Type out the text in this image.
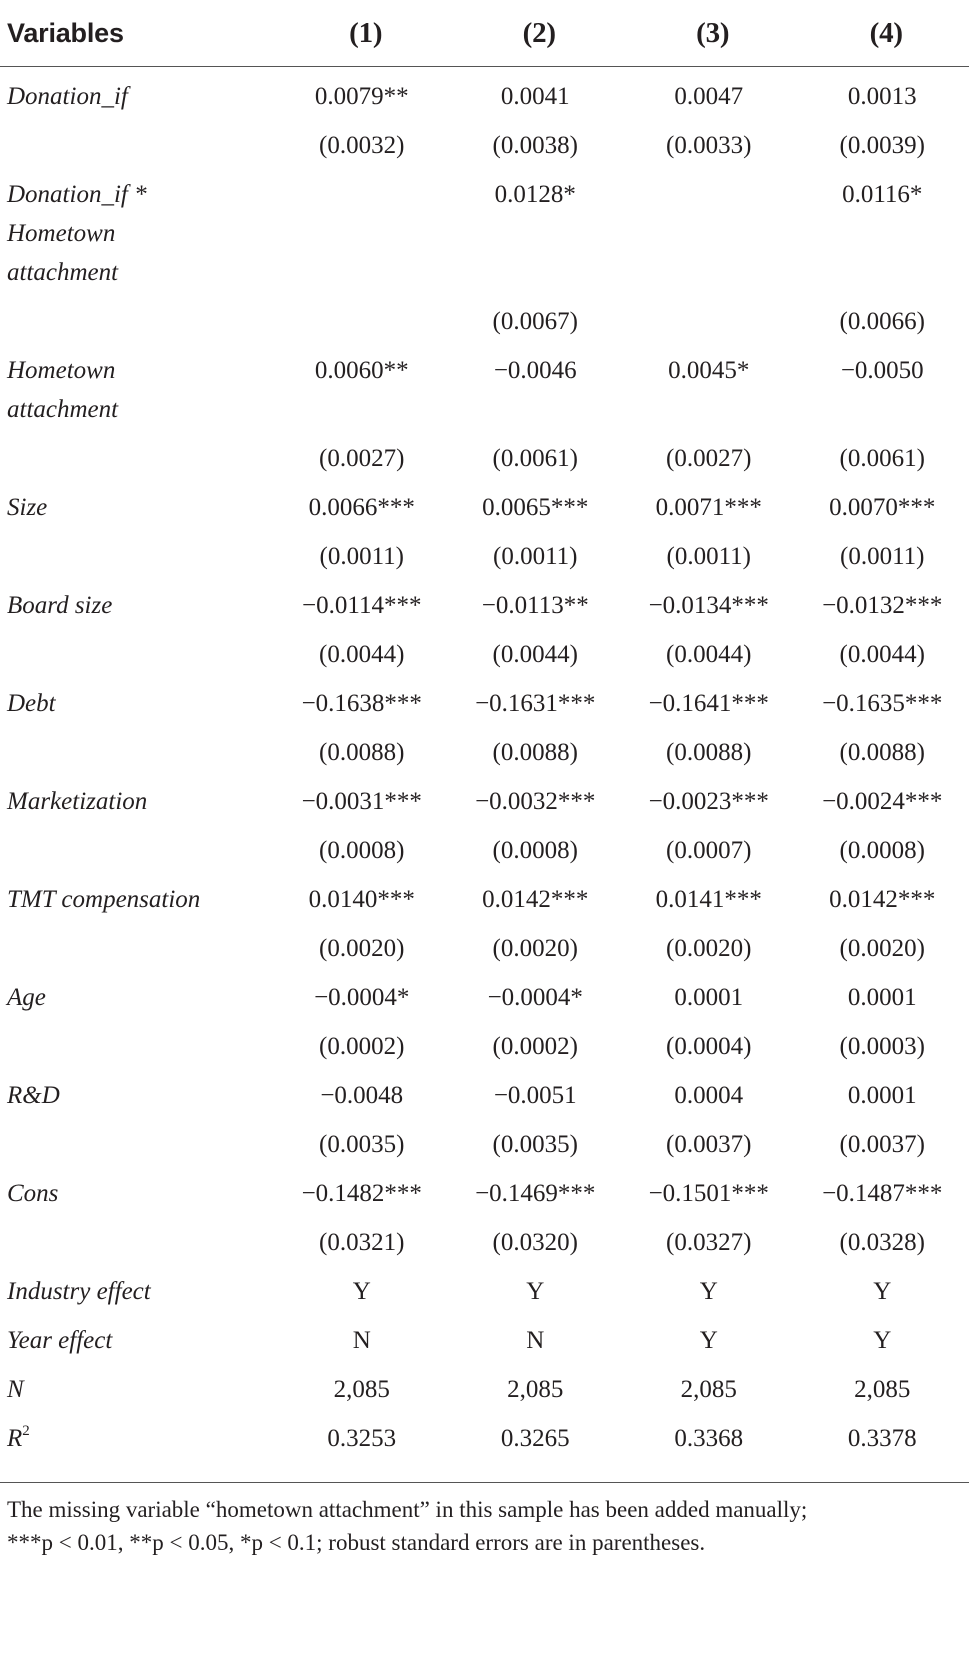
Variables	(1)	(2)	(3)	(4)
Donation_if	0.0079**	0.0041	0.0047	0.0013
	(0.0032)	(0.0038)	(0.0033)	(0.0039)
Donation_if * Hometown attachment		0.0128*		0.0116*
		(0.0067)		(0.0066)
Hometown attachment	0.0060**	−0.0046	0.0045*	−0.0050
	(0.0027)	(0.0061)	(0.0027)	(0.0061)
Size	0.0066***	0.0065***	0.0071***	0.0070***
	(0.0011)	(0.0011)	(0.0011)	(0.0011)
Board size	−0.0114***	−0.0113**	−0.0134***	−0.0132***
	(0.0044)	(0.0044)	(0.0044)	(0.0044)
Debt	−0.1638***	−0.1631***	−0.1641***	−0.1635***
	(0.0088)	(0.0088)	(0.0088)	(0.0088)
Marketization	−0.0031***	−0.0032***	−0.0023***	−0.0024***
	(0.0008)	(0.0008)	(0.0007)	(0.0008)
TMT compensation	0.0140***	0.0142***	0.0141***	0.0142***
	(0.0020)	(0.0020)	(0.0020)	(0.0020)
Age	−0.0004*	−0.0004*	0.0001	0.0001
	(0.0002)	(0.0002)	(0.0004)	(0.0003)
R&D	−0.0048	−0.0051	0.0004	0.0001
	(0.0035)	(0.0035)	(0.0037)	(0.0037)
Cons	−0.1482***	−0.1469***	−0.1501***	−0.1487***
	(0.0321)	(0.0320)	(0.0327)	(0.0328)
Industry effect	Y	Y	Y	Y
Year effect	N	N	Y	Y
N	2,085	2,085	2,085	2,085
$R^2$	0.3253	0.3265	0.3368	0.3378
The missing variable “hometown attachment” in this sample has been added manually;
***p < 0.01, **p < 0.05, *p < 0.1; robust standard errors are in parentheses.
